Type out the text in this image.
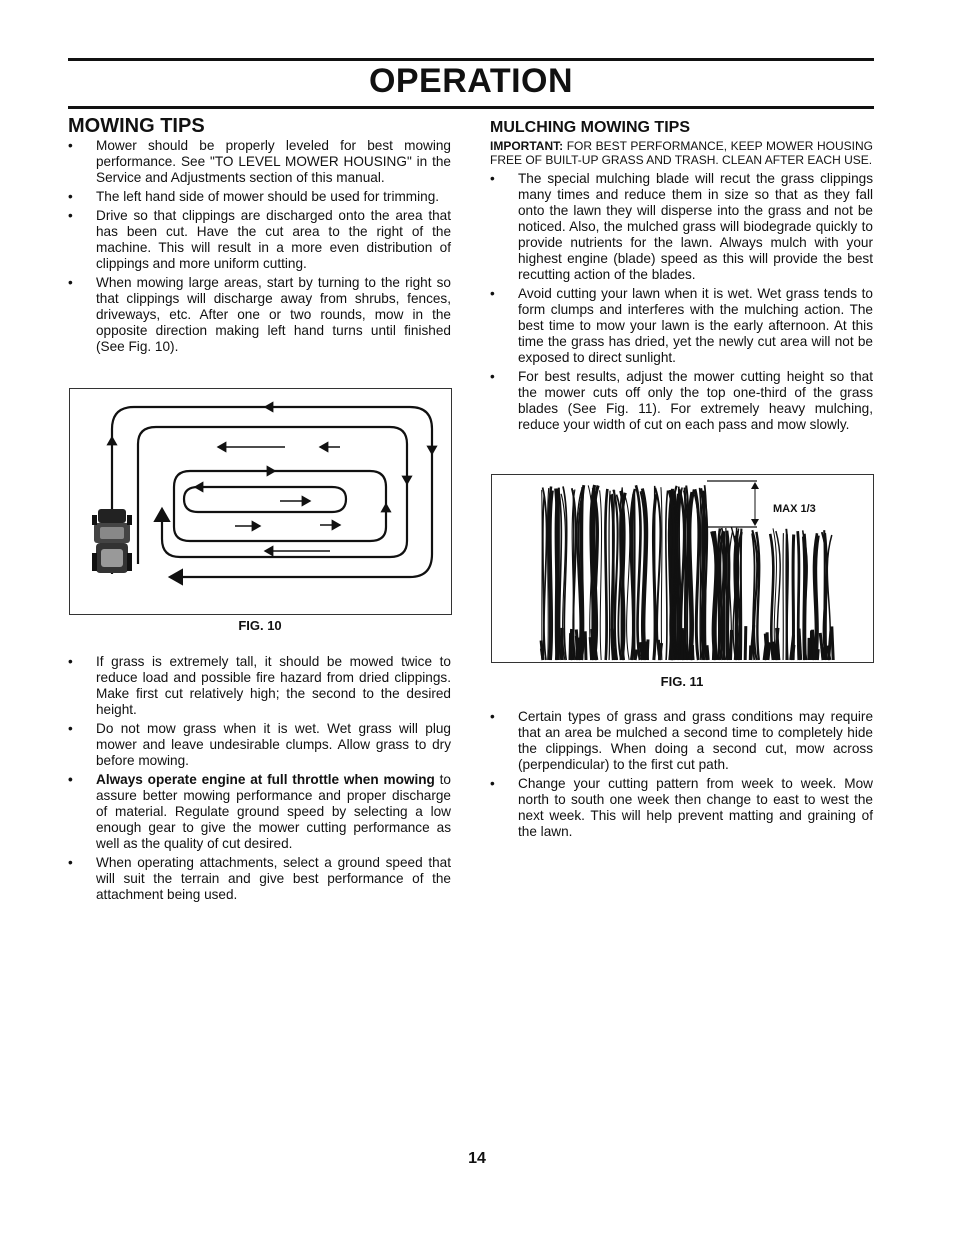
OPERATION
MOWING TIPS
• Mower should be properly leveled for best mowing performance. See "TO LEVEL MOWER HOUSING" in the Service and Adjustments section of this manual.
• The left hand side of mower should be used for trimming.
• Drive so that clippings are discharged onto the area that has been cut. Have the cut area to the right of the machine. This will result in a more even distribution of clippings and more uniform cutting.
• When mowing large areas, start by turning to the right so that clippings will discharge away from shrubs, fences, driveways, etc. After one or two rounds, mow in the opposite direction making left hand turns until finished (See Fig. 10).
FIG. 10
• If grass is extremely tall, it should be mowed twice to reduce load and possible fire hazard from dried clippings. Make first cut relatively high; the second to the desired height.
• Do not mow grass when it is wet. Wet grass will plug mower and leave undesirable clumps. Allow grass to dry before mowing.
• Always operate engine at full throttle when mowing to assure better mowing performance and proper discharge of material. Regulate ground speed by selecting a low enough gear to give the mower cutting performance as well as the quality of cut desired.
• When operating attachments, select a ground speed that will suit the terrain and give best performance of the attachment being used.
MULCHING MOWING TIPS
IMPORTANT: FOR BEST PERFORMANCE, KEEP MOWER HOUSING FREE OF BUILT-UP GRASS AND TRASH. CLEAN AFTER EACH USE.
• The special mulching blade will recut the grass clippings many times and reduce them in size so that as they fall onto the lawn they will disperse into the grass and not be noticed. Also, the mulched grass will biodegrade quickly to provide nutrients for the lawn. Always mulch with your highest engine (blade) speed as this will provide the best recutting action of the blades.
• Avoid cutting your lawn when it is wet. Wet grass tends to form clumps and interferes with the mulching action. The best time to mow your lawn is the early afternoon. At this time the grass has dried, yet the newly cut area will not be exposed to direct sunlight.
• For best results, adjust the mower cutting height so that the mower cuts off only the top one-third of the grass blades (See Fig. 11). For extremely heavy mulching, reduce your width of cut on each pass and mow slowly.
MAX 1/3
FIG. 11
• Certain types of grass and grass conditions may require that an area be mulched a second time to completely hide the clippings. When doing a second cut, mow across (perpendicular) to the first cut path.
• Change your cutting pattern from week to week. Mow north to south one week then change to east to west the next week. This will help prevent matting and graining of the lawn.
14
